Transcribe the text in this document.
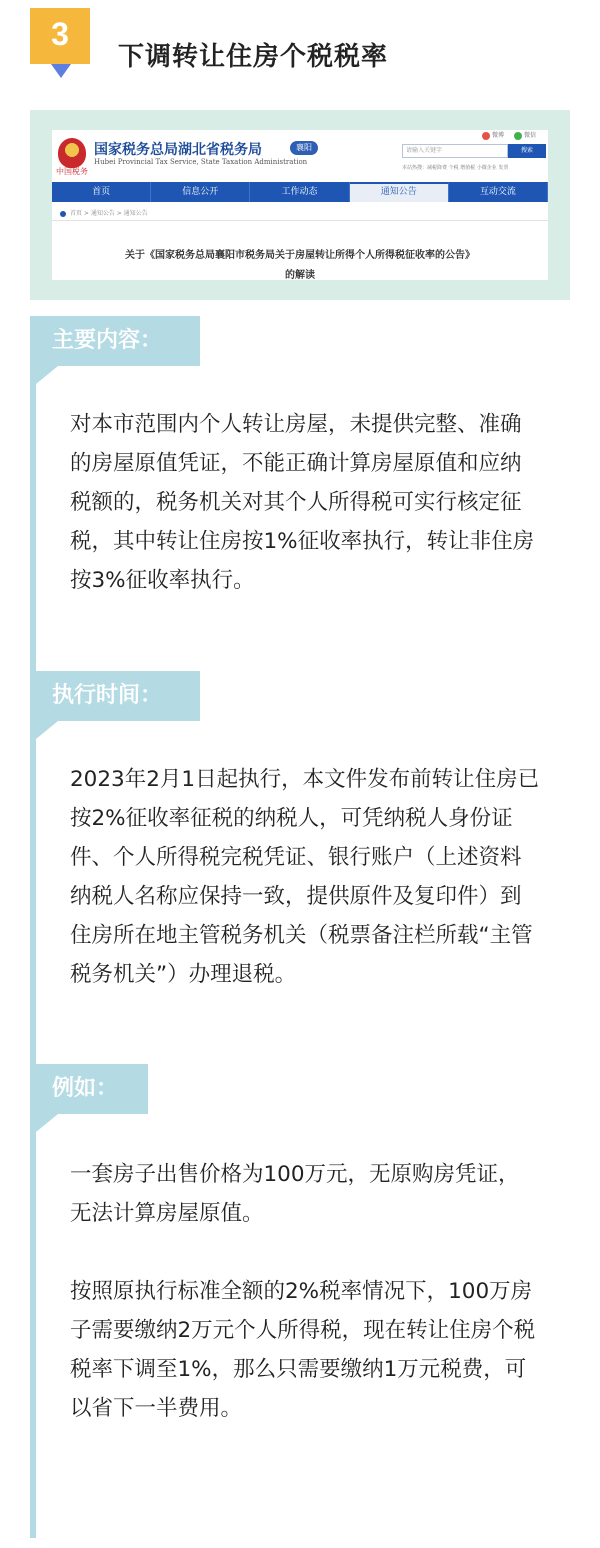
3
下调转让住房个税税率
中国税务
国家税务总局湖北省税务局
Hubei Provincial Tax Service, State Taxation Administration
襄阳
微博	微信
请输入关键字	搜索
本站热搜：减税降费 个税 增值税 小微企业 发票
首页	信息公开	工作动态	通知公告	互动交流
首页 > 通知公告 > 通知公告
关于《国家税务总局襄阳市税务局关于房屋转让所得个人所得税征收率的公告》
的解读
主要内容：
对本市范围内个人转让房屋，未提供完整、准确的房屋原值凭证，不能正确计算房屋原值和应纳税额的，税务机关对其个人所得税可实行核定征税，其中转让住房按1%征收率执行，转让非住房按3%征收率执行。
执行时间：
2023年2月1日起执行，本文件发布前转让住房已按2%征收率征税的纳税人，可凭纳税人身份证件、个人所得税完税凭证、银行账户（上述资料纳税人名称应保持一致，提供原件及复印件）到住房所在地主管税务机关（税票备注栏所载“主管税务机关”）办理退税。
例如：
一套房子出售价格为100万元，无原购房凭证，无法计算房屋原值。
按照原执行标准全额的2%税率情况下，100万房子需要缴纳2万元个人所得税，现在转让住房个税税率下调至1%，那么只需要缴纳1万元税费，可以省下一半费用。
